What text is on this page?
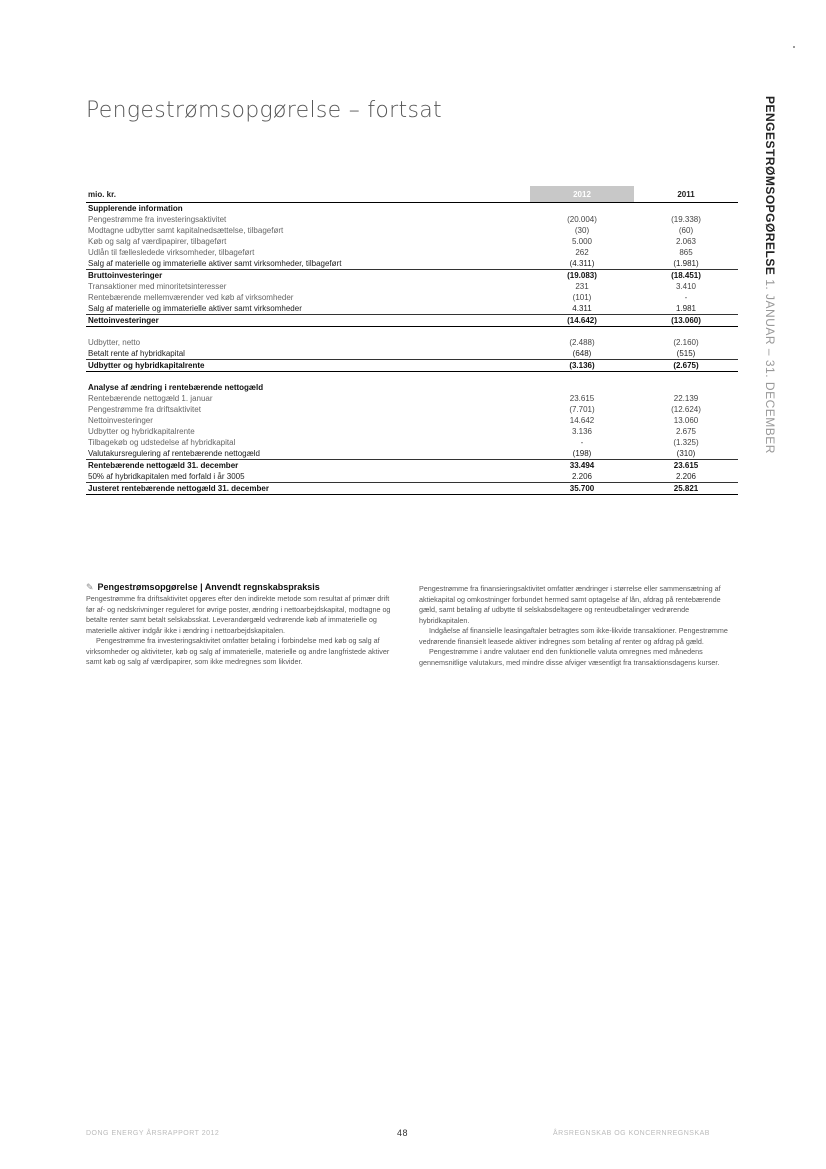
Pengestrømsopgørelse – fortsat	PENGESTRØMSOPGØRELSE 1. JANUAR – 31. DECEMBER
mio. kr.	2012	2011
Supplerende information		
Pengestrømme fra investeringsaktivitet	(20.004)	(19.338)
Modtagne udbytter samt kapitalnedsættelse, tilbageført	(30)	(60)
Køb og salg af værdipapirer, tilbageført	5.000	2.063
Udlån til fællesledede virksomheder, tilbageført	262	865
Salg af materielle og immaterielle aktiver samt virksomheder, tilbageført	(4.311)	(1.981)
Bruttoinvesteringer	(19.083)	(18.451)
Transaktioner med minoritetsinteresser	231	3.410
Rentebærende mellemværender ved køb af virksomheder	(101)	-
Salg af materielle og immaterielle aktiver samt virksomheder	4.311	1.981
Nettoinvesteringer	(14.642)	(13.060)

Udbytter, netto	(2.488)	(2.160)
Betalt rente af hybridkapital	(648)	(515)
Udbytter og hybridkapitalrente	(3.136)	(2.675)

Analyse af ændring i rentebærende nettogæld		
Rentebærende nettogæld 1. januar	23.615	22.139
Pengestrømme fra driftsaktivitet	(7.701)	(12.624)
Nettoinvesteringer	14.642	13.060
Udbytter og hybridkapitalrente	3.136	2.675
Tilbagekøb og udstedelse af hybridkapital	-	(1.325)
Valutakursregulering af rentebærende nettogæld	(198)	(310)
Rentebærende nettogæld 31. december	33.494	23.615
50% af hybridkapitalen med forfald i år 3005	2.206	2.206
Justeret rentebærende nettogæld 31. december	35.700	25.821
✎ Pengestrømsopgørelse | Anvendt regnskabspraksis

Pengestrømme fra driftsaktivitet opgøres efter den indirekte metode som resultat af primær drift før af- og nedskrivninger reguleret for øvrige poster, ændring i nettoarbejdskapital, modtagne og betalte renter samt betalt selskabsskat. Leverandørgæld vedrørende køb af immaterielle og materielle aktiver indgår ikke i ændring i nettoarbejdskapitalen.

Pengestrømme fra investeringsaktivitet omfatter betaling i forbindelse med køb og salg af virksomheder og aktiviteter, køb og salg af immaterielle, materielle og andre langfristede aktiver samt køb og salg af værdipapirer, som ikke medregnes som likvider.

Pengestrømme fra finansieringsaktivitet omfatter ændringer i størrelse eller sammensætning af aktiekapital og omkostninger forbundet hermed samt optagelse af lån, afdrag på rentebærende gæld, samt betaling af udbytte til selskabsdeltagere og renteudbetalinger vedrørende hybridkapitalen.

Indgåelse af finansielle leasingaftaler betragtes som ikke-likvide transaktioner. Pengestrømme vedrørende finansielt leasede aktiver indregnes som betaling af renter og afdrag på gæld.

Pengestrømme i andre valutaer end den funktionelle valuta omregnes med månedens gennemsnitlige valutakurs, med mindre disse afviger væsentligt fra transaktionsdagens kurser.

DONG ENERGY ÅRSRAPPORT 2012	48	ÅRSREGNSKAB OG KONCERNREGNSKAB
